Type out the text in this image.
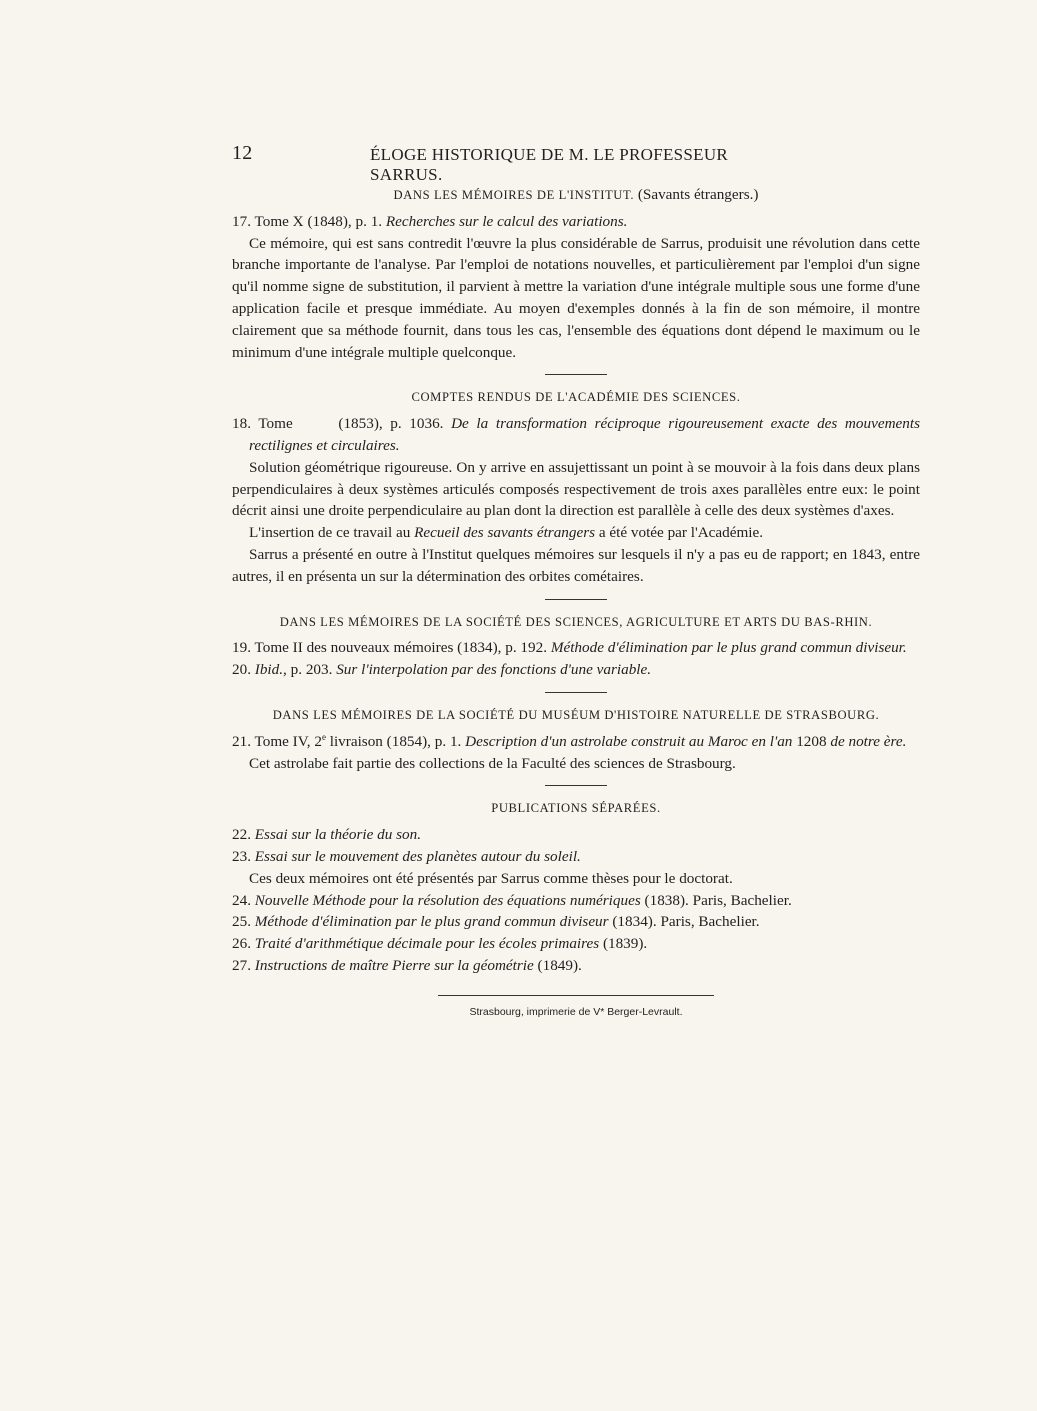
12	ÉLOGE HISTORIQUE DE M. LE PROFESSEUR SARRUS.
DANS LES MÉMOIRES DE L'INSTITUT. (Savants étrangers.)

17. Tome X (1848), p. 1. Recherches sur le calcul des variations.

Ce mémoire, qui est sans contredit l'œuvre la plus considérable de Sarrus, produisit une révolution dans cette branche importante de l'analyse. Par l'emploi de notations nouvelles, et particulièrement par l'emploi d'un signe qu'il nomme signe de substitution, il parvient à mettre la variation d'une intégrale multiple sous une forme d'une application facile et presque immédiate. Au moyen d'exemples donnés à la fin de son mémoire, il montre clairement que sa méthode fournit, dans tous les cas, l'ensemble des équations dont dépend le maximum ou le minimum d'une intégrale multiple quelconque.

COMPTES RENDUS DE L'ACADÉMIE DES SCIENCES.

18. Tome      (1853), p. 1036. De la transformation réciproque rigoureusement exacte des mouvements rectilignes et circulaires.

Solution géométrique rigoureuse. On y arrive en assujettissant un point à se mouvoir à la fois dans deux plans perpendiculaires à deux systèmes articulés composés respectivement de trois axes parallèles entre eux: le point décrit ainsi une droite perpendiculaire au plan dont la direction est parallèle à celle des deux systèmes d'axes.

L'insertion de ce travail au Recueil des savants étrangers a été votée par l'Académie.

Sarrus a présenté en outre à l'Institut quelques mémoires sur lesquels il n'y a pas eu de rapport; en 1843, entre autres, il en présenta un sur la détermination des orbites cométaires.

DANS LES MÉMOIRES DE LA SOCIÉTÉ DES SCIENCES, AGRICULTURE ET ARTS DU BAS-RHIN.

19. Tome II des nouveaux mémoires (1834), p. 192. Méthode d'élimination par le plus grand commun diviseur.

20. Ibid., p. 203. Sur l'interpolation par des fonctions d'une variable.

DANS LES MÉMOIRES DE LA SOCIÉTÉ DU MUSÉUM D'HISTOIRE NATURELLE DE STRASBOURG.

21. Tome IV, 2e livraison (1854), p. 1. Description d'un astrolabe construit au Maroc en l'an 1208 de notre ère.

Cet astrolabe fait partie des collections de la Faculté des sciences de Strasbourg.

PUBLICATIONS SÉPARÉES.

22. Essai sur la théorie du son.

23. Essai sur le mouvement des planètes autour du soleil.

Ces deux mémoires ont été présentés par Sarrus comme thèses pour le doctorat.

24. Nouvelle Méthode pour la résolution des équations numériques (1838). Paris, Bachelier.

25. Méthode d'élimination par le plus grand commun diviseur (1834). Paris, Bachelier.

26. Traité d'arithmétique décimale pour les écoles primaires (1839).

27. Instructions de maître Pierre sur la géométrie (1849).

Strasbourg, imprimerie de V* Berger-Levrault.
